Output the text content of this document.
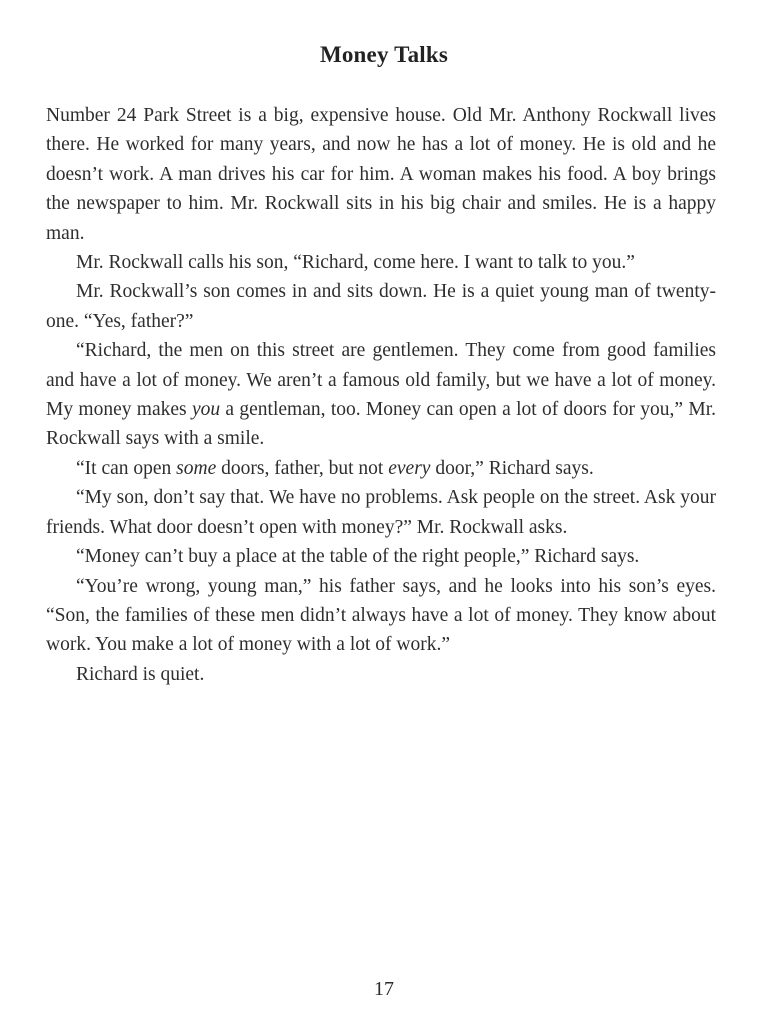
Money Talks

Number 24 Park Street is a big, expensive house. Old Mr. Anthony Rockwall lives there. He worked for many years, and now he has a lot of money. He is old and he doesn’t work. A man drives his car for him. A woman makes his food. A boy brings the newspaper to him. Mr. Rockwall sits in his big chair and smiles. He is a happy man.

Mr. Rockwall calls his son, “Richard, come here. I want to talk to you.”

Mr. Rockwall’s son comes in and sits down. He is a quiet young man of twenty-one. “Yes, father?”

“Richard, the men on this street are gentlemen. They come from good families and have a lot of money. We aren’t a famous old family, but we have a lot of money. My money makes you a gentleman, too. Money can open a lot of doors for you,” Mr. Rockwall says with a smile.

“It can open some doors, father, but not every door,” Richard says.

“My son, don’t say that. We have no problems. Ask people on the street. Ask your friends. What door doesn’t open with money?” Mr. Rockwall asks.

“Money can’t buy a place at the table of the right people,” Richard says.

“You’re wrong, young man,” his father says, and he looks into his son’s eyes. “Son, the families of these men didn’t always have a lot of money. They know about work. You make a lot of money with a lot of work.”

Richard is quiet.

17
